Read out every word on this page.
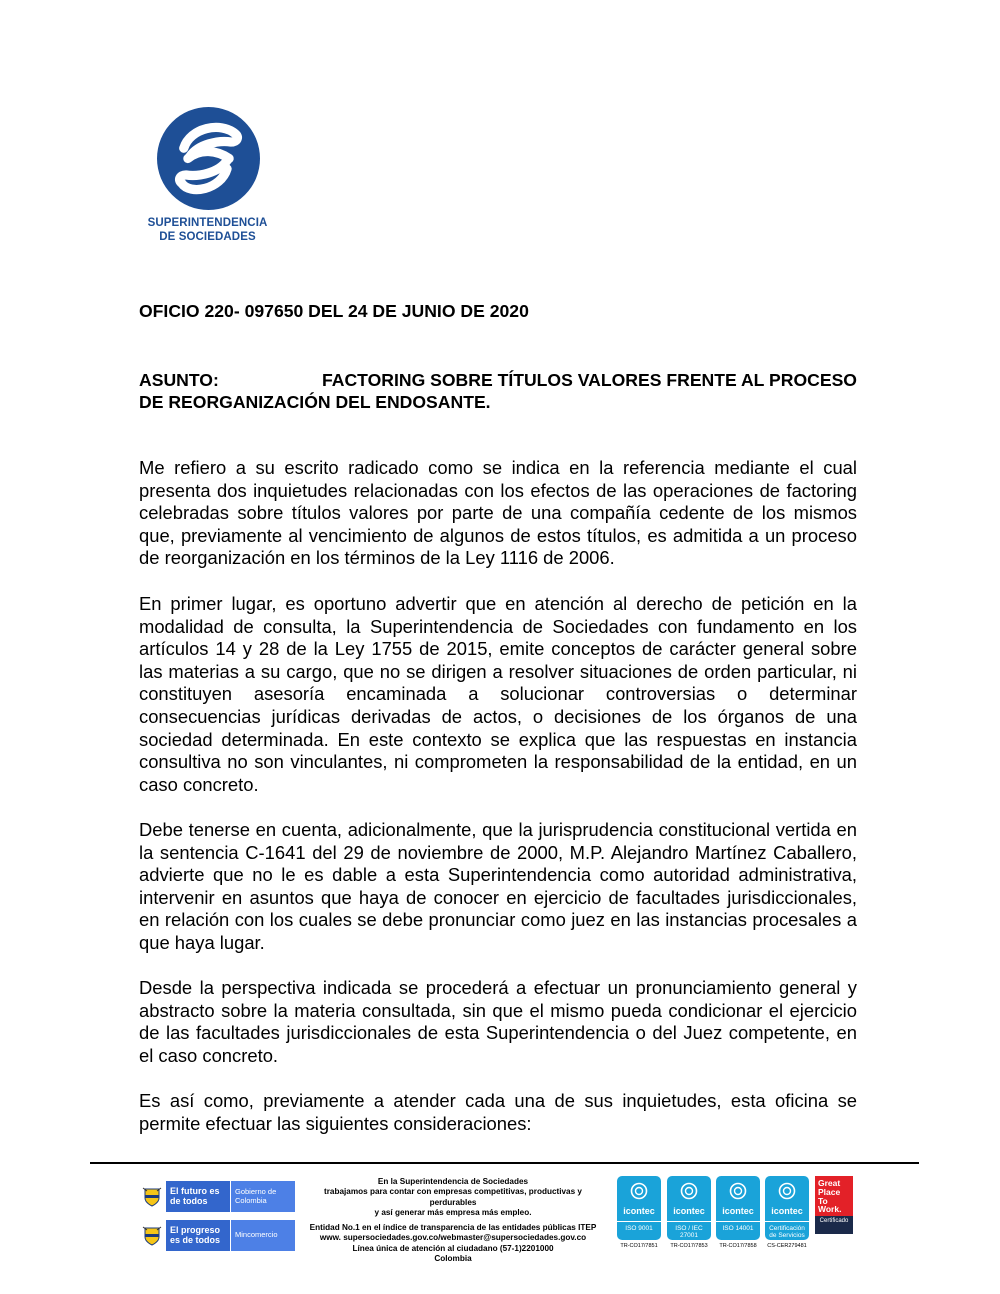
SUPERINTENDENCIA
DE SOCIEDADES
OFICIO 220- 097650 DEL 24 DE JUNIO DE 2020
ASUNTO:	FACTORING SOBRE TÍTULOS VALORES FRENTE AL PROCESO
DE REORGANIZACIÓN DEL ENDOSANTE.

Me refiero a su escrito radicado como se indica en la referencia mediante el cual presenta dos inquietudes relacionadas con los efectos de las operaciones de factoring celebradas sobre títulos valores por parte de una compañía cedente de los mismos que, previamente al vencimiento de algunos de estos títulos, es admitida a un proceso de reorganización en los términos de la Ley 1116 de 2006.

En primer lugar, es oportuno advertir que en atención al derecho de petición en la modalidad de consulta, la Superintendencia de Sociedades con fundamento en los artículos 14 y 28 de la Ley 1755 de 2015, emite conceptos de carácter general sobre las materias a su cargo, que no se dirigen a resolver situaciones de orden particular, ni constituyen asesoría encaminada a solucionar controversias o determinar consecuencias jurídicas derivadas de actos, o decisiones de los órganos de una sociedad determinada. En este contexto se explica que las respuestas en instancia consultiva no son vinculantes, ni comprometen la responsabilidad de la entidad, en un caso concreto.

Debe tenerse en cuenta, adicionalmente, que la jurisprudencia constitucional vertida en la sentencia C-1641 del 29 de noviembre de 2000, M.P. Alejandro Martínez Caballero, advierte que no le es dable a esta Superintendencia como autoridad administrativa, intervenir en asuntos que haya de conocer en ejercicio de facultades jurisdiccionales, en relación con los cuales se debe pronunciar como juez en las instancias procesales a que haya lugar.

Desde la perspectiva indicada se procederá a efectuar un pronunciamiento general y abstracto sobre la materia consultada, sin que el mismo pueda condicionar el ejercicio de las facultades jurisdiccionales de esta Superintendencia o del Juez competente, en el caso concreto.

Es así como, previamente a atender cada una de sus inquietudes, esta oficina se permite efectuar las siguientes consideraciones:

El futuro es de todos
Gobierno de Colombia
El progreso es de todos
Mincomercio
En la Superintendencia de Sociedades
trabajamos para contar con empresas competitivas, productivas y perdurables
y así generar más empresa más empleo.
Entidad No.1 en el índice de transparencia de las entidades públicas ITEP
www. supersociedades.gov.co/webmaster@supersociedades.gov.co
Línea única de atención al ciudadano (57-1)2201000
Colombia
icontec
ISO 9001
TR-CO17/7851
icontec
ISO / IEC 27001
TR-CO17/7853
icontec
ISO 14001
TR-CO17/7858
icontec
Certificación de Servicios
CS-CER279481
Great Place To Work.
Certificado
